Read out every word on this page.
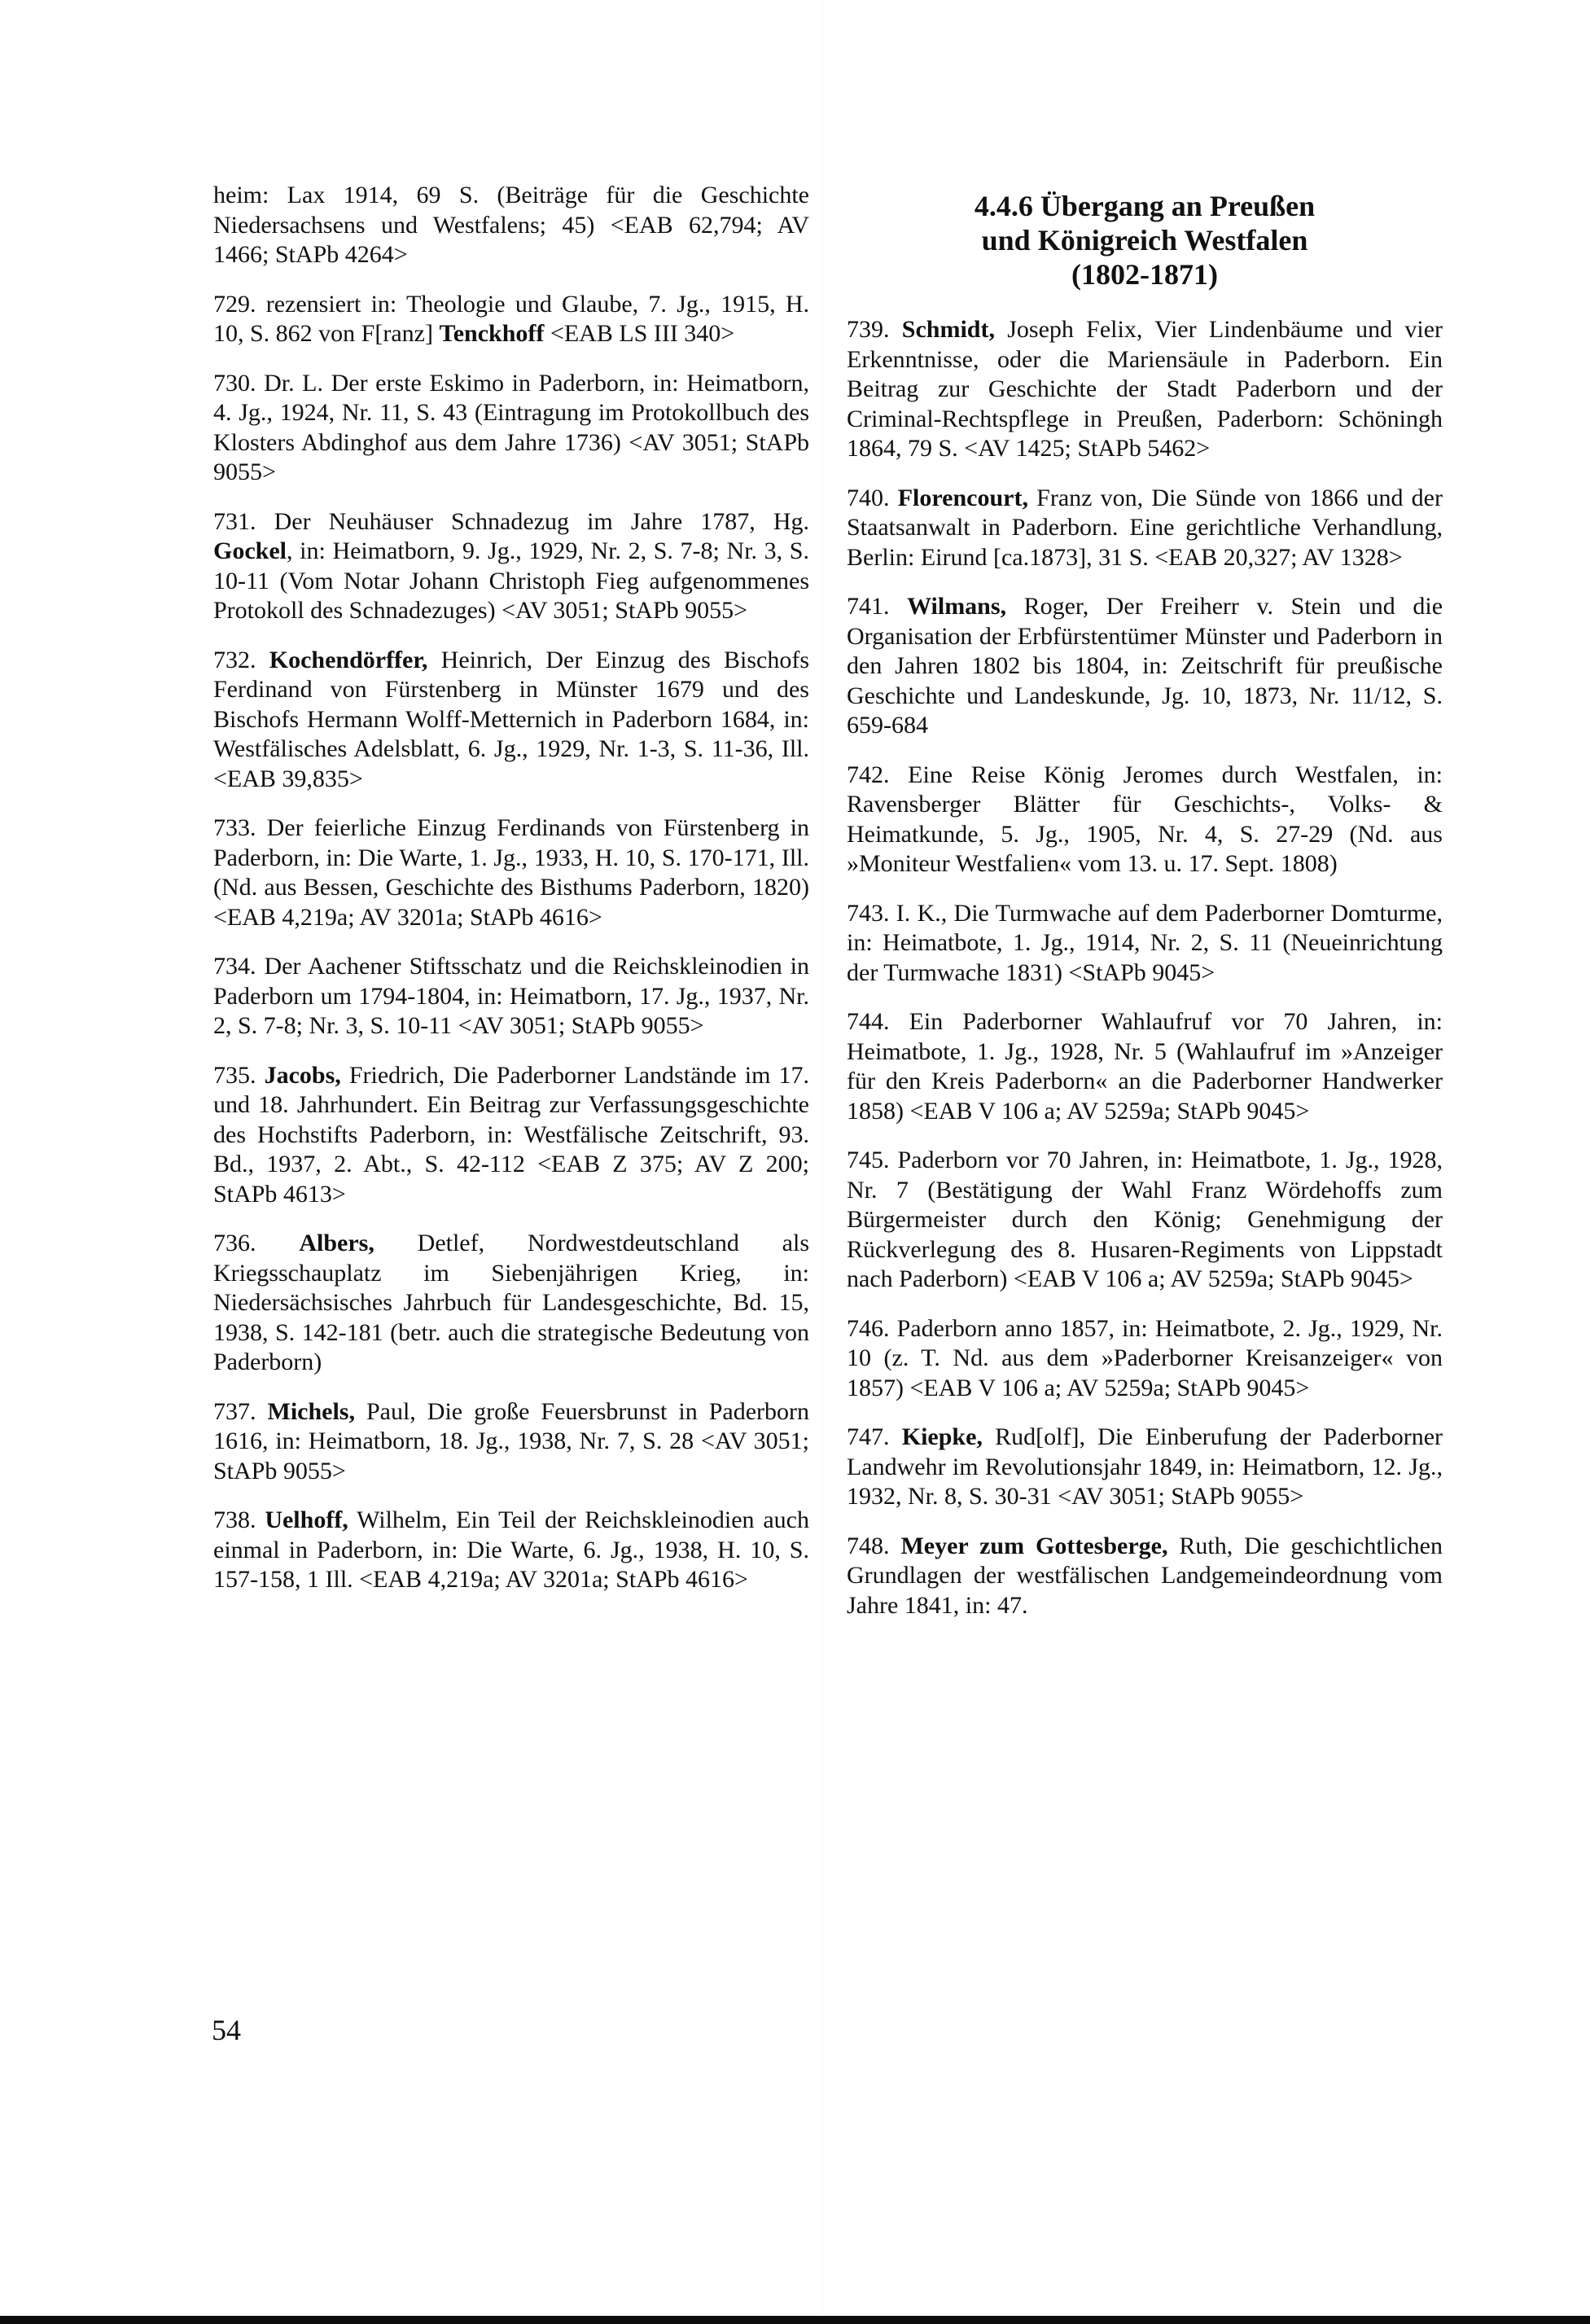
heim: Lax 1914, 69 S. (Beiträge für die Geschichte Niedersachsens und Westfalens; 45) <EAB 62,794; AV 1466; StAPb 4264>

729. rezensiert in: Theologie und Glaube, 7. Jg., 1915, H. 10, S. 862 von F[ranz] Tenckhoff <EAB LS III 340>

730. Dr. L. Der erste Eskimo in Paderborn, in: Heimatborn, 4. Jg., 1924, Nr. 11, S. 43 (Eintragung im Protokollbuch des Klosters Abdinghof aus dem Jahre 1736) <AV 3051; StAPb 9055>

731. Der Neuhäuser Schnadezug im Jahre 1787, Hg. Gockel, in: Heimatborn, 9. Jg., 1929, Nr. 2, S. 7-8; Nr. 3, S. 10-11 (Vom Notar Johann Christoph Fieg aufgenommenes Protokoll des Schnadezuges) <AV 3051; StAPb 9055>

732. Kochendörffer, Heinrich, Der Einzug des Bischofs Ferdinand von Fürstenberg in Münster 1679 und des Bischofs Hermann Wolff-Metternich in Paderborn 1684, in: Westfälisches Adelsblatt, 6. Jg., 1929, Nr. 1-3, S. 11-36, Ill. <EAB 39,835>

733. Der feierliche Einzug Ferdinands von Fürstenberg in Paderborn, in: Die Warte, 1. Jg., 1933, H. 10, S. 170-171, Ill. (Nd. aus Bessen, Geschichte des Bisthums Paderborn, 1820) <EAB 4,219a; AV 3201a; StAPb 4616>

734. Der Aachener Stiftsschatz und die Reichskleinodien in Paderborn um 1794-1804, in: Heimatborn, 17. Jg., 1937, Nr. 2, S. 7-8; Nr. 3, S. 10-11 <AV 3051; StAPb 9055>

735. Jacobs, Friedrich, Die Paderborner Landstände im 17. und 18. Jahrhundert. Ein Beitrag zur Verfassungsgeschichte des Hochstifts Paderborn, in: Westfälische Zeitschrift, 93. Bd., 1937, 2. Abt., S. 42-112 <EAB Z 375; AV Z 200; StAPb 4613>

736. Albers, Detlef, Nordwestdeutschland als Kriegsschauplatz im Siebenjährigen Krieg, in: Niedersächsisches Jahrbuch für Landesgeschichte, Bd. 15, 1938, S. 142-181 (betr. auch die strategische Bedeutung von Paderborn)

737. Michels, Paul, Die große Feuersbrunst in Paderborn 1616, in: Heimatborn, 18. Jg., 1938, Nr. 7, S. 28 <AV 3051; StAPb 9055>

738. Uelhoff, Wilhelm, Ein Teil der Reichskleinodien auch einmal in Paderborn, in: Die Warte, 6. Jg., 1938, H. 10, S. 157-158, 1 Ill. <EAB 4,219a; AV 3201a; StAPb 4616>

4.4.6 Übergang an Preußen
und Königreich Westfalen
(1802-1871)

739. Schmidt, Joseph Felix, Vier Lindenbäume und vier Erkenntnisse, oder die Mariensäule in Paderborn. Ein Beitrag zur Geschichte der Stadt Paderborn und der Criminal-Rechtspflege in Preußen, Paderborn: Schöningh 1864, 79 S. <AV 1425; StAPb 5462>

740. Florencourt, Franz von, Die Sünde von 1866 und der Staatsanwalt in Paderborn. Eine gerichtliche Verhandlung, Berlin: Eirund [ca.1873], 31 S. <EAB 20,327; AV 1328>

741. Wilmans, Roger, Der Freiherr v. Stein und die Organisation der Erbfürstentümer Münster und Paderborn in den Jahren 1802 bis 1804, in: Zeitschrift für preußische Geschichte und Landeskunde, Jg. 10, 1873, Nr. 11/12, S. 659-684

742. Eine Reise König Jeromes durch Westfalen, in: Ravensberger Blätter für Geschichts-, Volks- & Heimatkunde, 5. Jg., 1905, Nr. 4, S. 27-29 (Nd. aus »Moniteur Westfalien« vom 13. u. 17. Sept. 1808)

743. I. K., Die Turmwache auf dem Paderborner Domturme, in: Heimatbote, 1. Jg., 1914, Nr. 2, S. 11 (Neueinrichtung der Turmwache 1831) <StAPb 9045>

744. Ein Paderborner Wahlaufruf vor 70 Jahren, in: Heimatbote, 1. Jg., 1928, Nr. 5 (Wahlaufruf im »Anzeiger für den Kreis Paderborn« an die Paderborner Handwerker 1858) <EAB V 106 a; AV 5259a; StAPb 9045>

745. Paderborn vor 70 Jahren, in: Heimatbote, 1. Jg., 1928, Nr. 7 (Bestätigung der Wahl Franz Wördehoffs zum Bürgermeister durch den König; Genehmigung der Rückverlegung des 8. Husaren-Regiments von Lippstadt nach Paderborn) <EAB V 106 a; AV 5259a; StAPb 9045>

746. Paderborn anno 1857, in: Heimatbote, 2. Jg., 1929, Nr. 10 (z. T. Nd. aus dem »Paderborner Kreisanzeiger« von 1857) <EAB V 106 a; AV 5259a; StAPb 9045>

747. Kiepke, Rud[olf], Die Einberufung der Paderborner Landwehr im Revolutionsjahr 1849, in: Heimatborn, 12. Jg., 1932, Nr. 8, S. 30-31 <AV 3051; StAPb 9055>

748. Meyer zum Gottesberge, Ruth, Die geschichtlichen Grundlagen der westfälischen Landgemeindeordnung vom Jahre 1841, in: 47.

54
